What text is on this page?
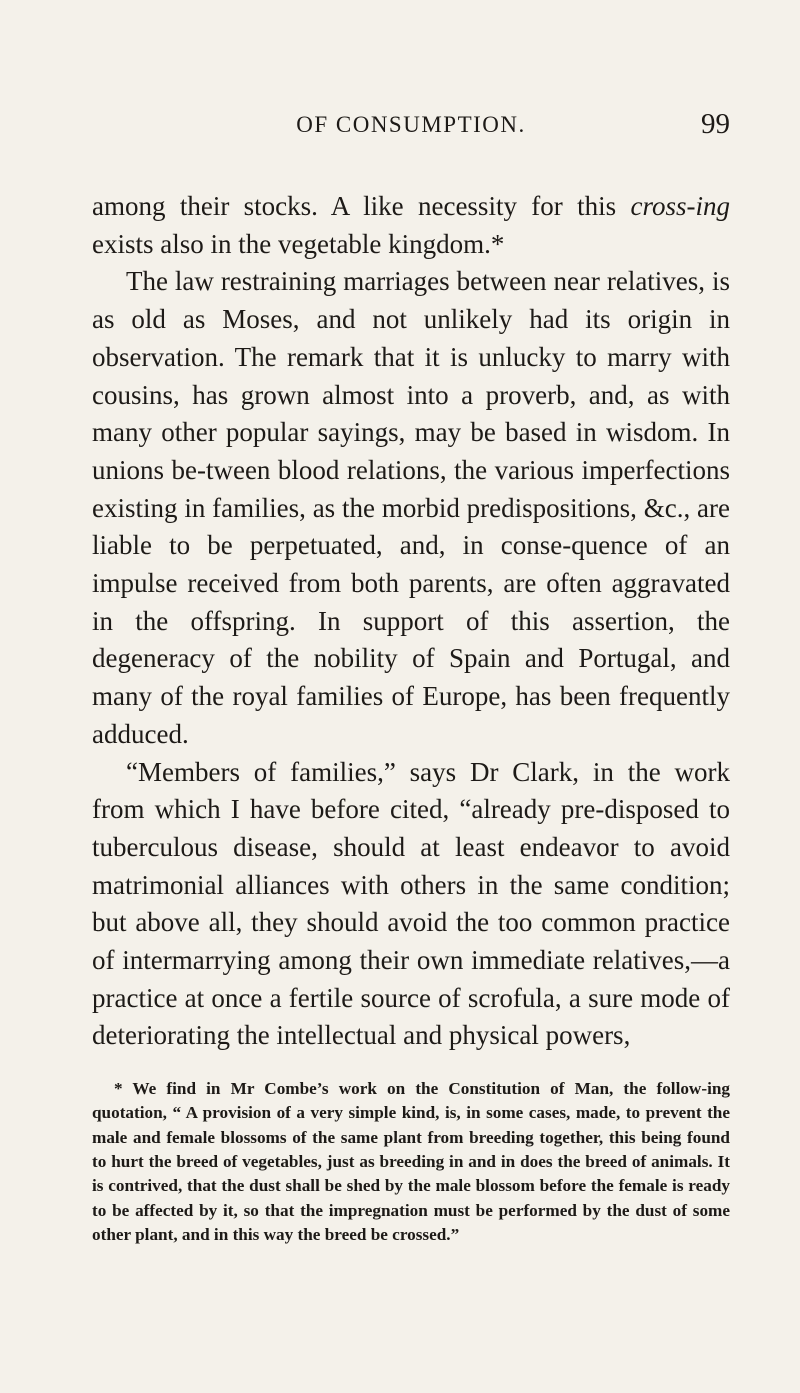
OF CONSUMPTION.	99

among their stocks. A like necessity for this cross-ing exists also in the vegetable kingdom.*

The law restraining marriages between near relatives, is as old as Moses, and not unlikely had its origin in observation. The remark that it is unlucky to marry with cousins, has grown almost into a proverb, and, as with many other popular sayings, may be based in wisdom. In unions be-tween blood relations, the various imperfections existing in families, as the morbid predispositions, &c., are liable to be perpetuated, and, in conse-quence of an impulse received from both parents, are often aggravated in the offspring. In support of this assertion, the degeneracy of the nobility of Spain and Portugal, and many of the royal families of Europe, has been frequently adduced.

“Members of families,” says Dr Clark, in the work from which I have before cited, “already pre-disposed to tuberculous disease, should at least endeavor to avoid matrimonial alliances with others in the same condition; but above all, they should avoid the too common practice of intermarrying among their own immediate relatives,—a practice at once a fertile source of scrofula, a sure mode of deteriorating the intellectual and physical powers,

* We find in Mr Combe’s work on the Constitution of Man, the follow-ing quotation, “ A provision of a very simple kind, is, in some cases, made, to prevent the male and female blossoms of the same plant from breeding together, this being found to hurt the breed of vegetables, just as breeding in and in does the breed of animals. It is contrived, that the dust shall be shed by the male blossom before the female is ready to be affected by it, so that the impregnation must be performed by the dust of some other plant, and in this way the breed be crossed.”
